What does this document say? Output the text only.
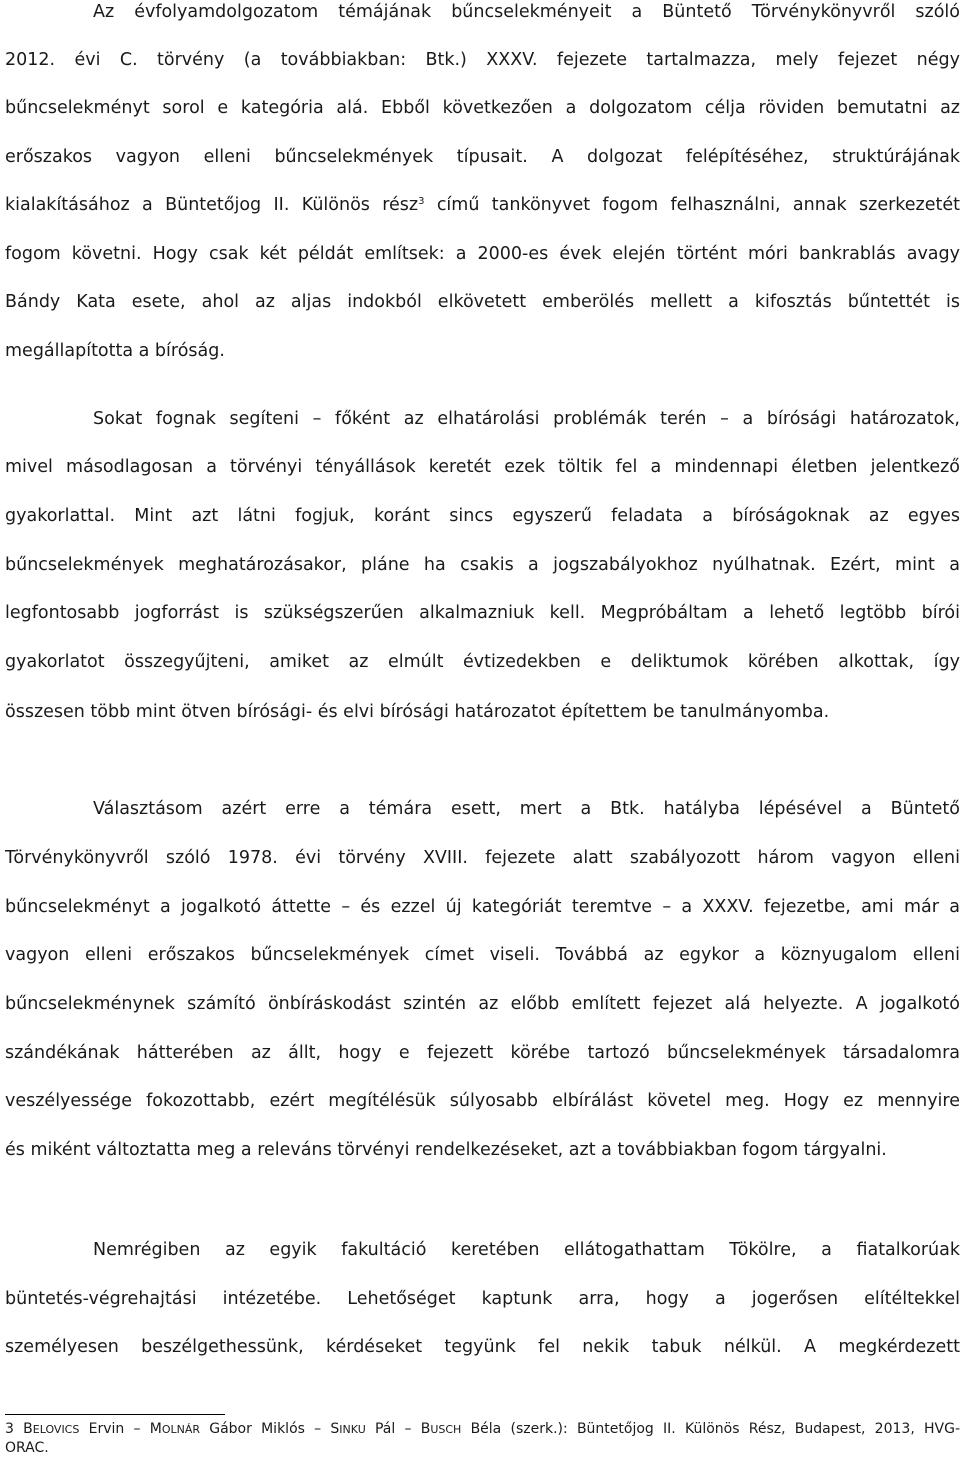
Az évfolyamdolgozatom témájának bűncselekményeit a Büntető Törvénykönyvről szóló
2012. évi C. törvény (a továbbiakban: Btk.) XXXV. fejezete tartalmazza, mely fejezet négy
bűncselekményt sorol e kategória alá. Ebből következően a dolgozatom célja röviden bemutatni az
erőszakos vagyon elleni bűncselekmények típusait. A dolgozat felépítéséhez, struktúrájának
kialakításához a Büntetőjog II. Különös rész$^3$ című tankönyvet fogom felhasználni, annak szerkezetét
fogom követni. Hogy csak két példát említsek: a 2000-es évek elején történt móri bankrablás avagy
Bándy Kata esete, ahol az aljas indokból elkövetett emberölés mellett a kifosztás bűntettét is
megállapította a bíróság.
Sokat fognak segíteni – főként az elhatárolási problémák terén – a bírósági határozatok,
mivel másodlagosan a törvényi tényállások keretét ezek töltik fel a mindennapi életben jelentkező
gyakorlattal. Mint azt látni fogjuk, koránt sincs egyszerű feladata a bíróságoknak az egyes
bűncselekmények meghatározásakor, pláne ha csakis a jogszabályokhoz nyúlhatnak. Ezért, mint a
legfontosabb jogforrást is szükségszerűen alkalmazniuk kell. Megpróbáltam a lehető legtöbb bírói
gyakorlatot összegyűjteni, amiket az elmúlt évtizedekben e deliktumok körében alkottak, így
összesen több mint ötven bírósági- és elvi bírósági határozatot építettem be tanulmányomba.
Választásom azért erre a témára esett, mert a Btk. hatályba lépésével a Büntető
Törvénykönyvről szóló 1978. évi törvény XVIII. fejezete alatt szabályozott három vagyon elleni
bűncselekményt a jogalkotó áttette – és ezzel új kategóriát teremtve – a XXXV. fejezetbe, ami már a
vagyon elleni erőszakos bűncselekmények címet viseli. Továbbá az egykor a köznyugalom elleni
bűncselekménynek számító önbíráskodást szintén az előbb említett fejezet alá helyezte. A jogalkotó
szándékának hátterében az állt, hogy e fejezett körébe tartozó bűncselekmények társadalomra
veszélyessége fokozottabb, ezért megítélésük súlyosabb elbírálást követel meg. Hogy ez mennyire
és miként változtatta meg a releváns törvényi rendelkezéseket, azt a továbbiakban fogom tárgyalni.
Nemrégiben az egyik fakultáció keretében ellátogathattam Tökölre, a fiatalkorúak
büntetés-végrehajtási intézetébe. Lehetőséget kaptunk arra, hogy a jogerősen elítéltekkel
személyesen beszélgethessünk, kérdéseket tegyünk fel nekik tabuk nélkül. A megkérdezett
3 BELOVICS Ervin – MOLNÁR Gábor Miklós – SINKU Pál – BUSCH Béla (szerk.): Büntetőjog II. Különös Rész, Budapest, 2013, HVG-
ORAC.
